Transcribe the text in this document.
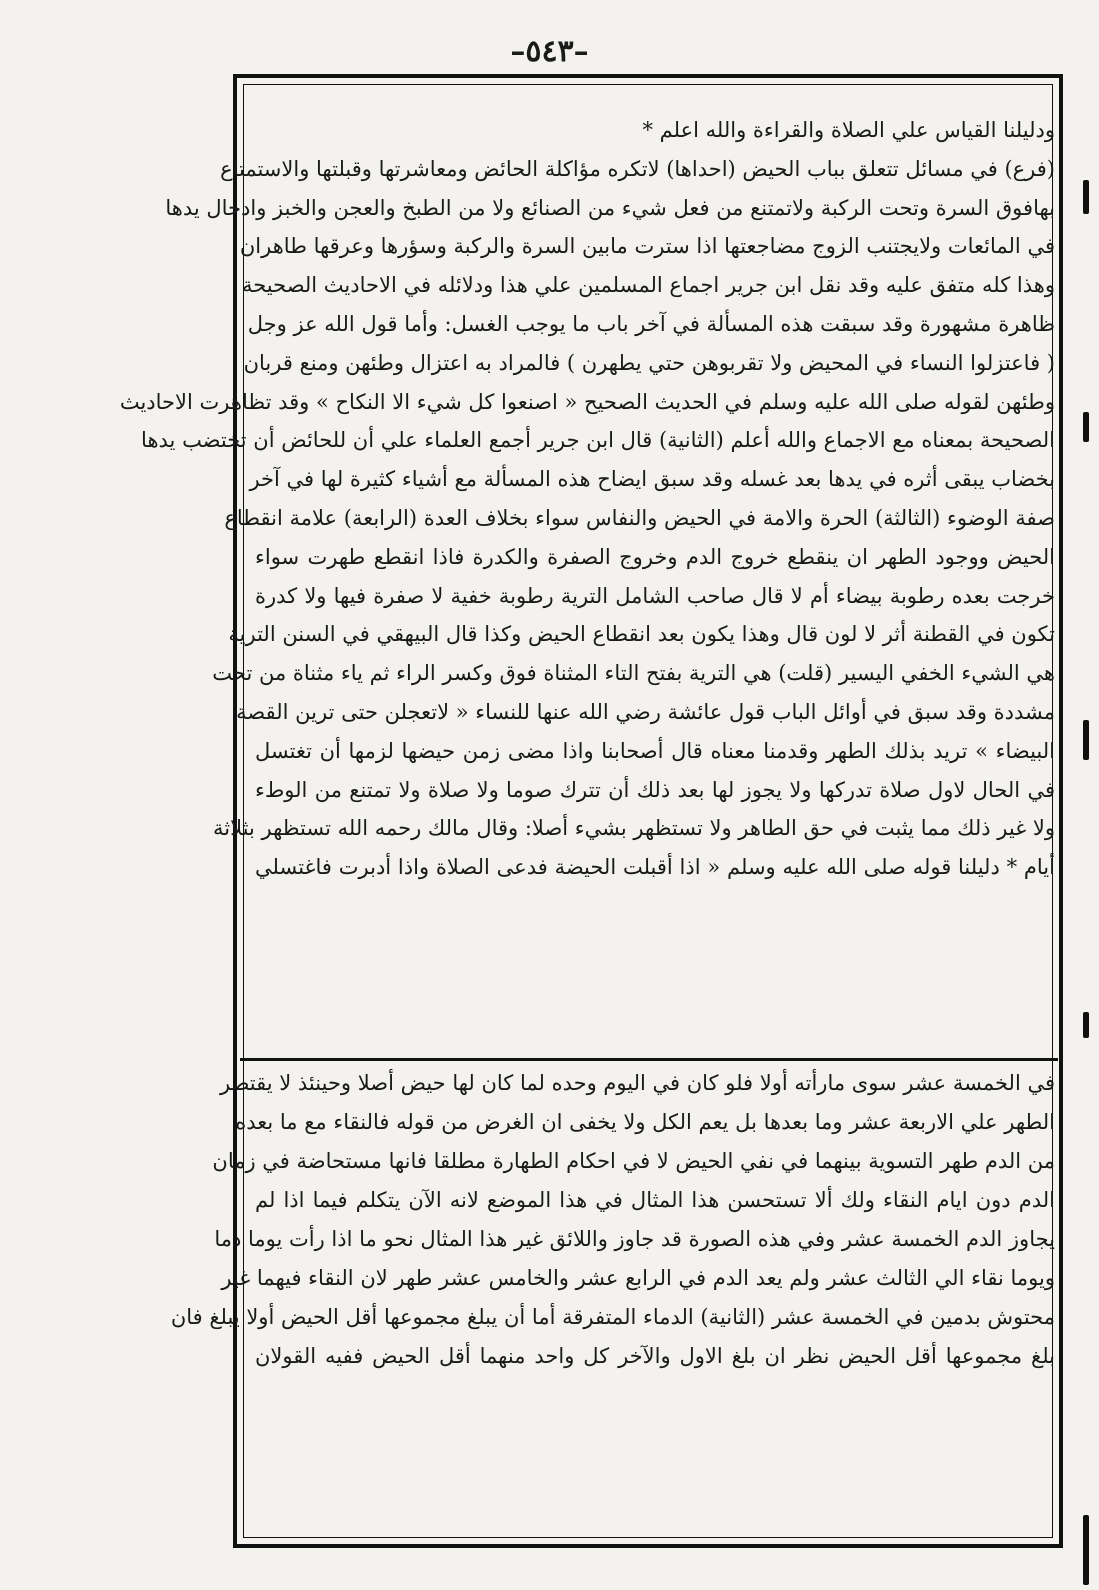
–٥٤٣–
ودليلنا القياس علي الصلاة والقراءة والله اعلم *
(فرع) في مسائل تتعلق بباب الحيض (احداها) لاتكره مؤاكلة الحائض ومعاشرتها وقبلتها والاستمتاع
بهافوق السرة وتحت الركبة ولاتمتنع من فعل شيء من الصنائع ولا من الطبخ والعجن والخبز وادخال يدها
في المائعات ولايجتنب الزوج مضاجعتها اذا سترت مابين السرة والركبة وسؤرها وعرقها طاهران
وهذا كله متفق عليه وقد نقل ابن جرير اجماع المسلمين علي هذا ودلائله في الاحاديث الصحيحة
ظاهرة مشهورة وقد سبقت هذه المسألة في آخر باب ما يوجب الغسل: وأما قول الله عز وجل
( فاعتزلوا النساء في المحيض ولا تقربوهن حتي يطهرن ) فالمراد به اعتزال وطئهن ومنع قربان
وطئهن لقوله صلى الله عليه وسلم في الحديث الصحيح « اصنعوا كل شيء الا النكاح » وقد تظاهرت الاحاديث
الصحيحة بمعناه مع الاجماع والله أعلم (الثانية) قال ابن جرير أجمع العلماء علي أن للحائض أن تختضب يدها
بخضاب يبقى أثره في يدها بعد غسله وقد سبق ايضاح هذه المسألة مع أشياء كثيرة لها في آخر
صفة الوضوء (الثالثة) الحرة والامة في الحيض والنفاس سواء بخلاف العدة (الرابعة) علامة انقطاع
الحيض ووجود الطهر ان ينقطع خروج الدم وخروج الصفرة والكدرة فاذا انقطع طهرت سواء
خرجت بعده رطوبة بيضاء أم لا قال صاحب الشامل الترية رطوبة خفية لا صفرة فيها ولا كدرة
تكون في القطنة أثر لا لون قال وهذا يكون بعد انقطاع الحيض وكذا قال البيهقي في السنن الترية
هي الشيء الخفي اليسير (قلت) هي الترية بفتح التاء المثناة فوق وكسر الراء ثم ياء مثناة من تحت
مشددة وقد سبق في أوائل الباب قول عائشة رضي الله عنها للنساء « لاتعجلن حتى ترين القصة
البيضاء » تريد بذلك الطهر وقدمنا معناه قال أصحابنا واذا مضى زمن حيضها لزمها أن تغتسل
في الحال لاول صلاة تدركها ولا يجوز لها بعد ذلك أن تترك صوما ولا صلاة ولا تمتنع من الوطء
ولا غير ذلك مما يثبت في حق الطاهر ولا تستظهر بشيء أصلا: وقال مالك رحمه الله تستظهر بثلاثة
أيام * دليلنا قوله صلى الله عليه وسلم « اذا أقبلت الحيضة فدعى الصلاة واذا أدبرت فاغتسلي
في الخمسة عشر سوى مارأته أولا فلو كان في اليوم وحده لما كان لها حيض أصلا وحينئذ لا يقتصر
الطهر علي الاربعة عشر وما بعدها بل يعم الكل ولا يخفى ان الغرض من قوله فالنقاء مع ما بعده
من الدم طهر التسوية بينهما في نفي الحيض لا في احكام الطهارة مطلقا فانها مستحاضة في زمان
الدم دون ايام النقاء ولك ألا تستحسن هذا المثال في هذا الموضع لانه الآن يتكلم فيما اذا لم
يجاوز الدم الخمسة عشر وفي هذه الصورة قد جاوز واللائق غير هذا المثال نحو ما اذا رأت يوما دما
ويوما نقاء الي الثالث عشر ولم يعد الدم في الرابع عشر والخامس عشر طهر لان النقاء فيهما غير
محتوش بدمين في الخمسة عشر (الثانية) الدماء المتفرقة أما أن يبلغ مجموعها أقل الحيض أولا يبلغ فان
بلغ مجموعها أقل الحيض نظر ان بلغ الاول والآخر كل واحد منهما أقل الحيض ففيه القولان
